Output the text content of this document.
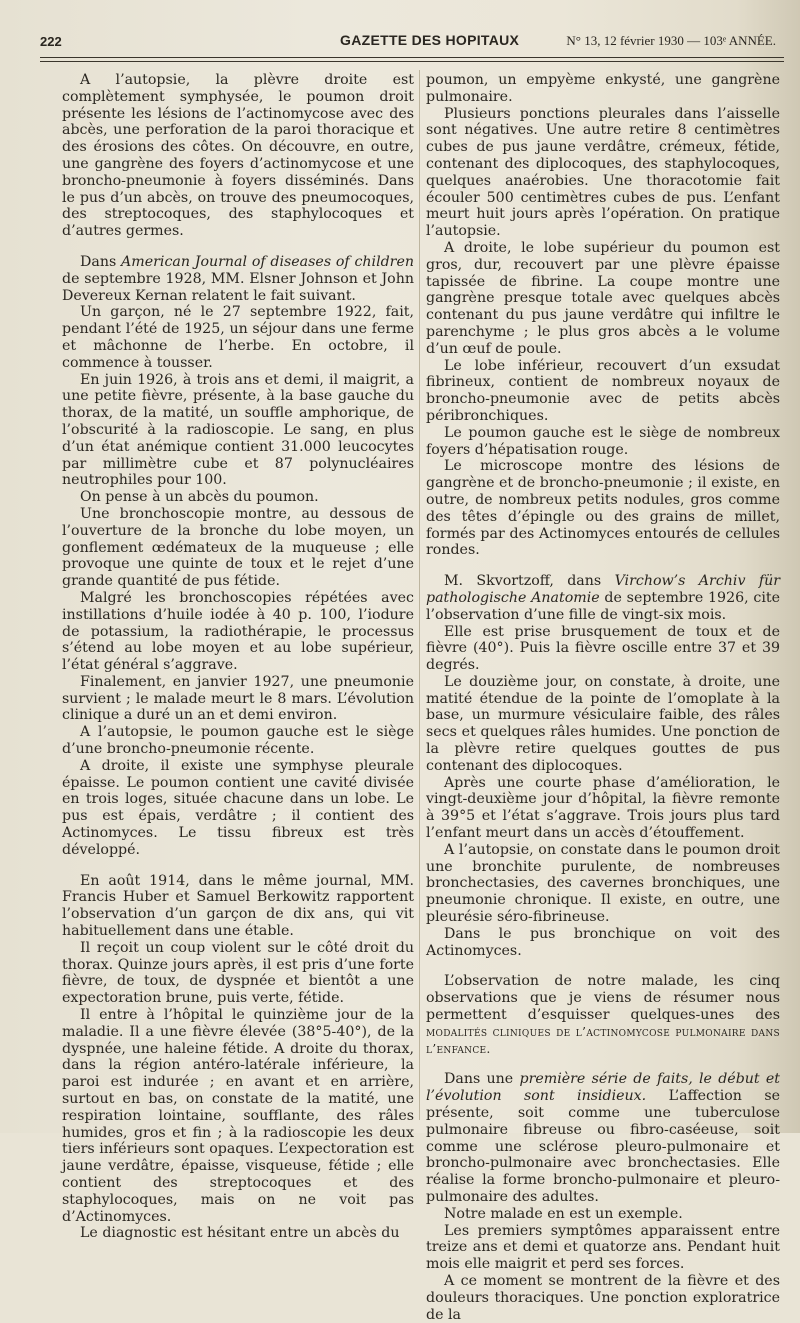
222	GAZETTE DES HOPITAUX	N° 13, 12 février 1930 — 103ᵉ ANNÉE.

A l’autopsie, la plèvre droite est complètement symphysée, le poumon droit présente les lésions de l’actinomycose avec des abcès, une perforation de la paroi thoracique et des érosions des côtes. On découvre, en outre, une gangrène des foyers d’actinomycose et une broncho-pneumonie à foyers disséminés. Dans le pus d’un abcès, on trouve des pneumocoques, des streptocoques, des staphylocoques et d’autres germes.

Dans American Journal of diseases of children de septembre 1928, MM. Elsner Johnson et John Devereux Kernan relatent le fait suivant.

Un garçon, né le 27 septembre 1922, fait, pendant l’été de 1925, un séjour dans une ferme et mâchonne de l’herbe. En octobre, il commence à tousser.

En juin 1926, à trois ans et demi, il maigrit, a une petite fièvre, présente, à la base gauche du thorax, de la matité, un souffle amphorique, de l’obscurité à la radioscopie. Le sang, en plus d’un état anémique contient 31.000 leucocytes par millimètre cube et 87 polynucléaires neutrophiles pour 100.

On pense à un abcès du poumon.

Une bronchoscopie montre, au dessous de l’ouverture de la bronche du lobe moyen, un gonflement œdémateux de la muqueuse ; elle provoque une quinte de toux et le rejet d’une grande quantité de pus fétide.

Malgré les bronchoscopies répétées avec instillations d’huile iodée à 40 p. 100, l’iodure de potassium, la radiothérapie, le processus s’étend au lobe moyen et au lobe supérieur, l’état général s’aggrave.

Finalement, en janvier 1927, une pneumonie survient ; le malade meurt le 8 mars. L’évolution clinique a duré un an et demi environ.

A l’autopsie, le poumon gauche est le siège d’une broncho-pneumonie récente.

A droite, il existe une symphyse pleurale épaisse. Le poumon contient une cavité divisée en trois loges, située chacune dans un lobe. Le pus est épais, verdâtre ; il contient des Actinomyces. Le tissu fibreux est très développé.

En août 1914, dans le même journal, MM. Francis Huber et Samuel Berkowitz rapportent l’observation d’un garçon de dix ans, qui vit habituellement dans une étable.

Il reçoit un coup violent sur le côté droit du thorax. Quinze jours après, il est pris d’une forte fièvre, de toux, de dyspnée et bientôt a une expectoration brune, puis verte, fétide.

Il entre à l’hôpital le quinzième jour de la maladie. Il a une fièvre élevée (38°5-40°), de la dyspnée, une haleine fétide. A droite du thorax, dans la région antéro-latérale inférieure, la paroi est indurée ; en avant et en arrière, surtout en bas, on constate de la matité, une respiration lointaine, soufflante, des râles humides, gros et fin ; à la radioscopie les deux tiers inférieurs sont opaques. L’expectoration est jaune verdâtre, épaisse, visqueuse, fétide ; elle contient des streptocoques et des staphylocoques, mais on ne voit pas d’Actinomyces.

Le diagnostic est hésitant entre un abcès du

poumon, un empyème enkysté, une gangrène pulmonaire.

Plusieurs ponctions pleurales dans l’aisselle sont négatives. Une autre retire 8 centimètres cubes de pus jaune verdâtre, crémeux, fétide, contenant des diplocoques, des staphylocoques, quelques anaérobies. Une thoracotomie fait écouler 500 centimètres cubes de pus. L’enfant meurt huit jours après l’opération. On pratique l’autopsie.

A droite, le lobe supérieur du poumon est gros, dur, recouvert par une plèvre épaisse tapissée de fibrine. La coupe montre une gangrène presque totale avec quelques abcès contenant du pus jaune verdâtre qui infiltre le parenchyme ; le plus gros abcès a le volume d’un œuf de poule.

Le lobe inférieur, recouvert d’un exsudat fibrineux, contient de nombreux noyaux de broncho-pneumonie avec de petits abcès péribronchiques.

Le poumon gauche est le siège de nombreux foyers d’hépatisation rouge.

Le microscope montre des lésions de gangrène et de broncho-pneumonie ; il existe, en outre, de nombreux petits nodules, gros comme des têtes d’épingle ou des grains de millet, formés par des Actinomyces entourés de cellules rondes.

M. Skvortzoff, dans Virchow’s Archiv für pathologische Anatomie de septembre 1926, cite l’observation d’une fille de vingt-six mois.

Elle est prise brusquement de toux et de fièvre (40°). Puis la fièvre oscille entre 37 et 39 degrés.

Le douzième jour, on constate, à droite, une matité étendue de la pointe de l’omoplate à la base, un murmure vésiculaire faible, des râles secs et quelques râles humides. Une ponction de la plèvre retire quelques gouttes de pus contenant des diplocoques.

Après une courte phase d’amélioration, le vingt-deuxième jour d’hôpital, la fièvre remonte à 39°5 et l’état s’aggrave. Trois jours plus tard l’enfant meurt dans un accès d’étouffement.

A l’autopsie, on constate dans le poumon droit une bronchite purulente, de nombreuses bronchectasies, des cavernes bronchiques, une pneumonie chronique. Il existe, en outre, une pleurésie séro-fibrineuse.

Dans le pus bronchique on voit des Actinomyces.

L’observation de notre malade, les cinq observations que je viens de résumer nous permettent d’esquisser quelques-unes des modalités cliniques de l’actinomycose pulmonaire dans l’enfance.

Dans une première série de faits, le début et l’évolution sont insidieux. L’affection se présente, soit comme une tuberculose pulmonaire fibreuse ou fibro-caséeuse, soit comme une sclérose pleuro-pulmonaire et broncho-pulmonaire avec bronchectasies. Elle réalise la forme broncho-pulmonaire et pleuro-pulmonaire des adultes.

Notre malade en est un exemple.

Les premiers symptômes apparaissent entre treize ans et demi et quatorze ans. Pendant huit mois elle maigrit et perd ses forces.

A ce moment se montrent de la fièvre et des douleurs thoraciques. Une ponction exploratrice de la
